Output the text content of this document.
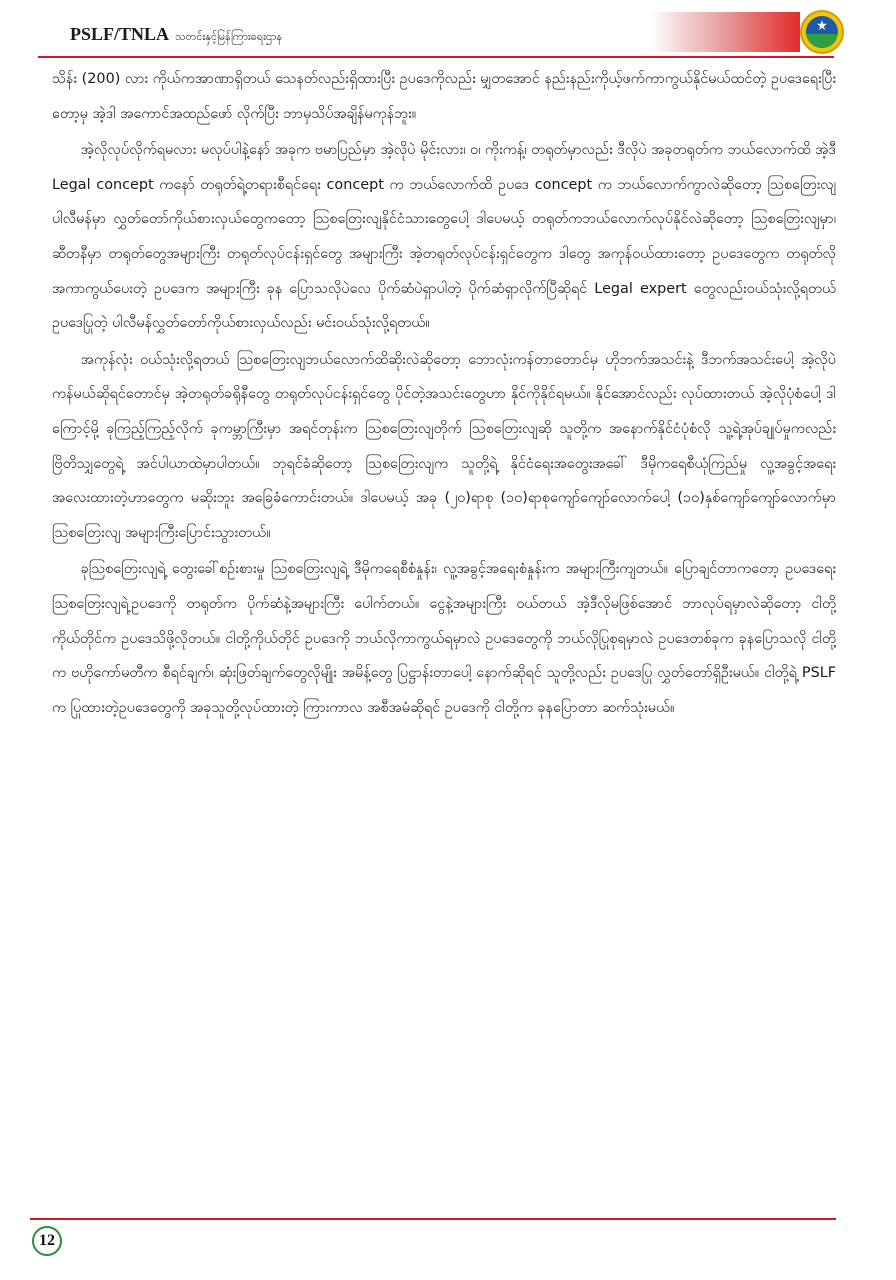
PSLF/TNLA သတင်းနှင့်မြန်ကြားရေးဌာန

သိန်း (200) လား ကိုယ်ကအာဏာရှိတယ် သေနတ်လည်းရှိထားပြီး ဥပဒေကိုလည်း မျှတအောင် နည်းနည်းကိုယ့်ဖက်ကာကွယ်နိုင်မယ်ထင်တဲ့ ဥပဒေရေးပြီးတော့မှ အဲ့ဒါ အကောင်အထည်ဖော် လိုက်ပြီး ဘာမှသိပ်အချိန်မကုန်ဘူး။

အဲ့လိုလုပ်လိုက်ရမလား မလုပ်ပါနဲ့နော် အခုက ဗမာပြည်မှာ အဲ့လိုပဲ မိုင်းလား၊ ဝ၊ ကိုးကန့်၊ တရုတ်မှာလည်း ဒီလိုပဲ အခုတရုတ်က ဘယ်လောက်ထိ အဲ့ဒီ Legal concept ကနော် တရုတ်ရဲ့တရားစီရင်ရေး concept က ဘယ်လောက်ထိ ဥပဒေ concept က ဘယ်လောက်ကွာလဲဆိုတော့ ဩစတြေးလျပါလီမန်မှာ လွှတ်တော်ကိုယ်စားလှယ်တွေကတော့ ဩစတြေးလျနိုင်ငံသားတွေပေါ့ ဒါပေမယ့် တရုတ်ကဘယ်လောက်လုပ်နိုင်လဲဆိုတော့ ဩစတြေးလျမှာ၊ ဆီတနီမှာ တရုတ်တွေအများကြီး တရုတ်လုပ်ငန်းရှင်တွေ အများကြီး အဲ့တရုတ်လုပ်ငန်းရှင်တွေက ဒါတွေ အကုန်ဝယ်ထားတော့ ဥပဒေတွေက တရုတ်လို အကာကွယ်ပေးတဲ့ ဥပဒေက အများကြီး ခုန ပြောသလိုပဲလေ ပိုက်ဆံပဲရှာပါတဲ့ ပိုက်ဆံရှာလိုက်ပြီဆိုရင် Legal expert တွေလည်းဝယ်သုံးလို့ရတယ် ဥပဒေပြုတဲ့ ပါလီမန်လွှတ်တော်ကိုယ်စားလှယ်လည်း မင်းဝယ်သုံးလို့ရတယ်။

အကုန်လုံး ဝယ်သုံးလို့ရတယ် ဩစတြေးလျဘယ်လောက်ထိဆိုးလဲဆိုတော့ ဘောလုံးကန်တာတောင်မှ ဟိုဘက်အသင်းနဲ့ ဒီဘက်အသင်းပေါ့ အဲ့လိုပဲကန်မယ်ဆိုရင်တောင်မှ အဲ့တရုတ်ခရိုနီတွေ တရုတ်လုပ်ငန်းရှင်တွေ ပိုင်တဲ့အသင်းတွေဟာ နိုင်ကိုနိုင်ရမယ်။ နိုင်အောင်လည်း လုပ်ထားတယ် အဲ့လိုပုံစံပေါ့ ဒါကြောင့်မို့ ခုကြည့်ကြည့်လိုက် ခုကမ္ဘာကြီးမှာ အရင်တုန်းက ဩစတြေးလျတိုက် ဩစတြေးလျဆို သူတို့က အနောက်နိုင်ငံပုံစံလို သူ့ရဲ့အုပ်ချုပ်မှုကလည်း ဗြိတိသျှတွေရဲ့ အင်ပါယာထဲမှာပါတယ်။ ဘုရင်ခံဆိုတော့ ဩစတြေးလျက သူတို့ရဲ့ နိုင်ငံရေးအတွေးအခေါ် ဒီမိုကရေစီယုံကြည်မှု လူ့အခွင့်အရေး အလေးထားတဲ့ဟာတွေက မဆိုးဘူး အခြေခံကောင်းတယ်။ ဒါပေမယ့် အခု (၂၀)ရာစု (၁၀)ရာစုကျော်ကျော်လောက်ပေါ့ (၁၀)နှစ်ကျော်ကျော်လောက်မှာ ဩစတြေးလျ အများကြီးပြောင်းသွားတယ်။

ခုဩစတြေးလျရဲ့ တွေးခေါ်စဉ်းစားမှု ဩစတြေးလျရဲ့ ဒီမိုကရေစီစံနှုန်း၊ လူ့အခွင့်အရေးစံနှုန်းက အများကြီးကျတယ်။ ပြောချင်တာကတော့ ဥပဒေရေး ဩစတြေးလျရဲ့ဥပဒေကို တရုတ်က ပိုက်ဆံနဲ့အများကြီး ပေါက်တယ်။ ငွေနဲ့အများကြီး ဝယ်တယ် အဲ့ဒီလိုမဖြစ်အောင် ဘာလုပ်ရမှာလဲဆိုတော့ ငါတို့ကိုယ်တိုင်က ဥပဒေသိဖို့လိုတယ်။ ငါတို့ကိုယ်တိုင် ဥပဒေကို ဘယ်လိုကာကွယ်ရမှာလဲ ဥပဒေတွေကို ဘယ်လိုပြုစုရမှာလဲ ဥပဒေတစ်ခုက ခုနပြောသလို ငါတို့က ဗဟိုကော်မတီက စီရင်ချက်၊ ဆုံးဖြတ်ချက်တွေလိုမျိုး အမိန့်တွေ ပြဋ္ဌာန်းတာပေါ့ နောက်ဆိုရင် သူတို့လည်း ဥပဒေပြု လွှတ်တော်ရှိဦးမယ်။ ငါတို့ရဲ့ PSLF က ပြုထားတဲ့ဥပဒေတွေကို အခုသူတို့လုပ်ထားတဲ့ ကြားကာလ အစီအမံဆိုရင် ဥပဒေကို ငါတို့က ခုနပြောတာ ဆက်သုံးမယ်။

12
